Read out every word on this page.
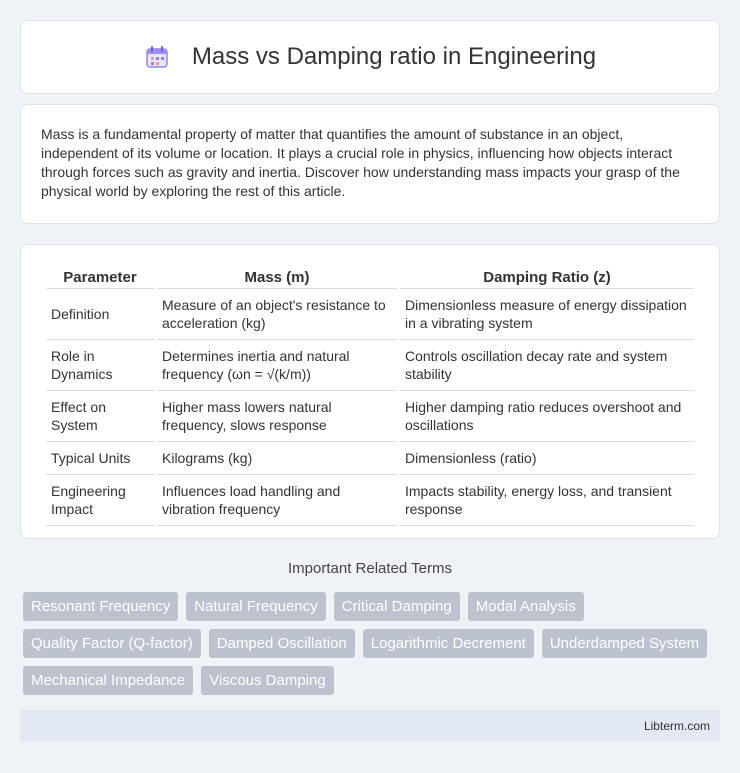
Mass vs Damping ratio in Engineering

Mass is a fundamental property of matter that quantifies the amount of substance in an object, independent of its volume or location. It plays a crucial role in physics, influencing how objects interact through forces such as gravity and inertia. Discover how understanding mass impacts your grasp of the physical world by exploring the rest of this article.

Parameter	Mass (m)	Damping Ratio (z)
Definition	Measure of an object's resistance to acceleration (kg)	Dimensionless measure of energy dissipation in a vibrating system
Role in Dynamics	Determines inertia and natural frequency (ωn = √(k/m))	Controls oscillation decay rate and system stability
Effect on System	Higher mass lowers natural frequency, slows response	Higher damping ratio reduces overshoot and oscillations
Typical Units	Kilograms (kg)	Dimensionless (ratio)
Engineering Impact	Influences load handling and vibration frequency	Impacts stability, energy loss, and transient response
Important Related Terms
Resonant Frequency	Natural Frequency	Critical Damping	Modal Analysis
Quality Factor (Q-factor)	Damped Oscillation	Logarithmic Decrement	Underdamped System
Mechanical Impedance	Viscous Damping
Libterm.com
